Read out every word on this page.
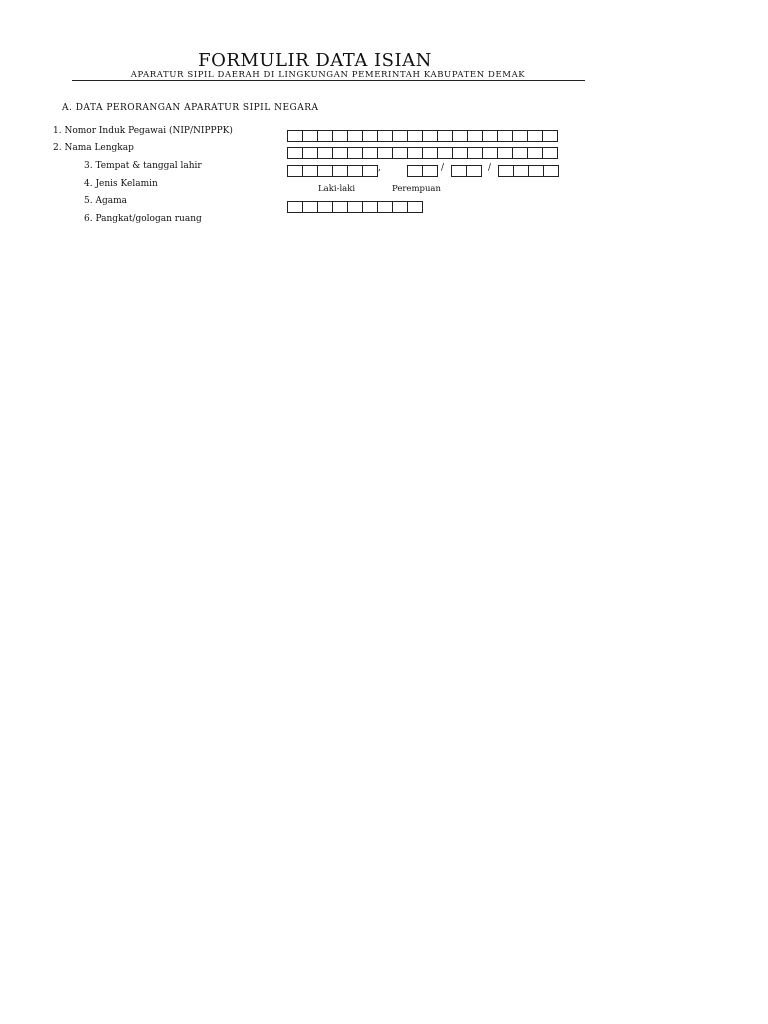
FORMULIR DATA ISIAN
APARATUR SIPIL DAERAH DI LINGKUNGAN PEMERINTAH KABUPATEN DEMAK
A. DATA PERORANGAN APARATUR SIPIL NEGARA
1. Nomor Induk Pegawai (NIP/NIPPPK)
2. Nama Lengkap
3. Tempat & tanggal lahir	,	/	/
4. Jenis Kelamin	Laki-laki	Perempuan
5. Agama
6. Pangkat/gologan ruang
